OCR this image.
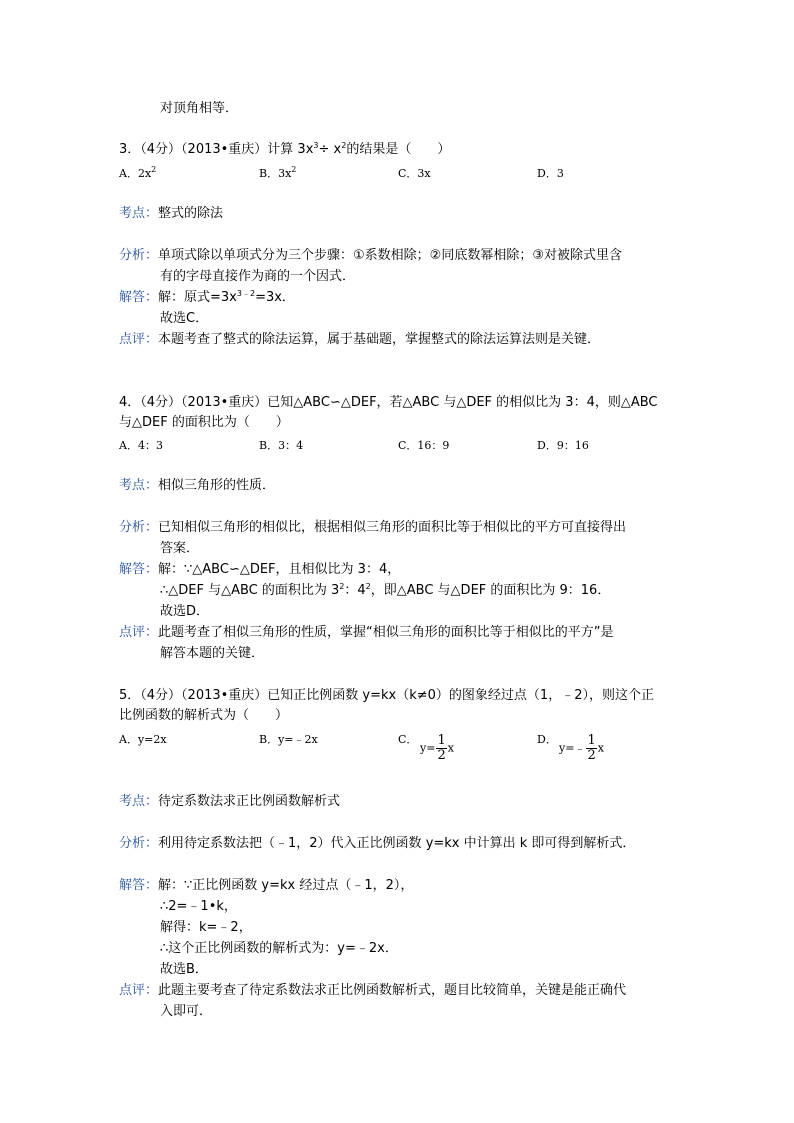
对顶角相等．
3．（4分）（2013•重庆）计算 $3x^3\div x^2$的结果是（　　）
A．$2x^2$	B．$3x^2$	C．3x	D．3
考点：整式的除法
分析：单项式除以单项式分为三个步骤：①系数相除；②同底数幂相除；③对被除式里含
有的字母直接作为商的一个因式．
解答：解：原式$=3x^{3﹣2}=3x$．
故选C．
点评：本题考查了整式的除法运算，属于基础题，掌握整式的除法运算法则是关键．
4．（4分）（2013•重庆）已知△ABC∽△DEF，若△ABC 与△DEF 的相似比为 3：4，则△ABC
与△DEF 的面积比为（　　）
A．4：3	B．3：4	C．16：9	D．9：16
考点：相似三角形的性质．
分析：已知相似三角形的相似比，根据相似三角形的面积比等于相似比的平方可直接得出
答案．
解答：解：∵△ABC∽△DEF，且相似比为 3：4，
∴△DEF 与△ABC 的面积比为 $3^2$：$4^2$，即△ABC 与△DEF 的面积比为 9：16．
故选D．
点评：此题考查了相似三角形的性质，掌握“相似三角形的面积比等于相似比的平方”是
解答本题的关键．
5．（4分）（2013•重庆）已知正比例函数 y=kx（k≠0）的图象经过点（1，﹣2），则这个正
比例函数的解析式为（　　）
A．y=2x	B．y=﹣2x	C．
$y= \frac{1}{2}$ x
D．
y=﹣ $\frac{1}{2}$ x
考点：待定系数法求正比例函数解析式
分析：利用待定系数法把（﹣1，2）代入正比例函数 y=kx 中计算出 k 即可得到解析式．
解答：解：∵正比例函数 y=kx 经过点（﹣1，2），
∴2=﹣1•k，
解得：k=﹣2，
∴这个正比例函数的解析式为：y=﹣2x．
故选B．
点评：此题主要考查了待定系数法求正比例函数解析式，题目比较简单，关键是能正确代
入即可．
